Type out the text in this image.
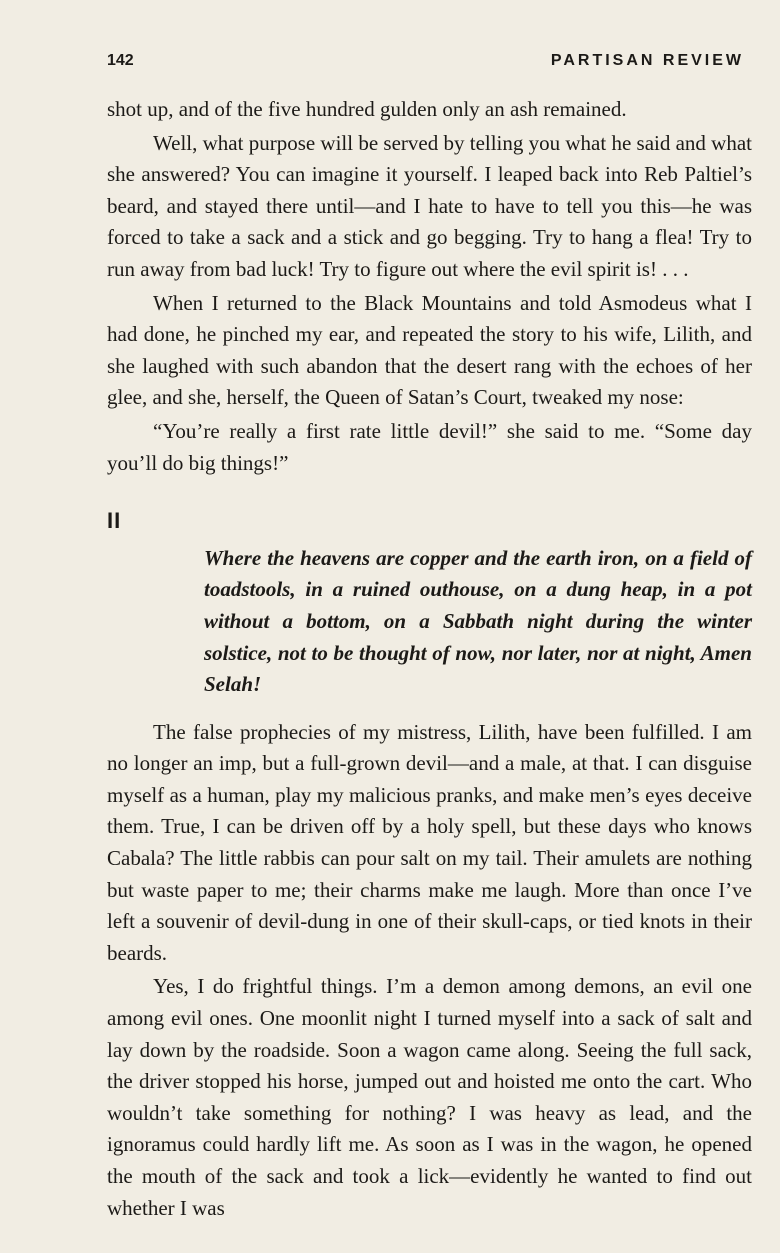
142	PARTISAN REVIEW

shot up, and of the five hundred gulden only an ash remained.

Well, what purpose will be served by telling you what he said and what she answered? You can imagine it yourself. I leaped back into Reb Paltiel’s beard, and stayed there until—and I hate to have to tell you this—he was forced to take a sack and a stick and go begging. Try to hang a flea! Try to run away from bad luck! Try to figure out where the evil spirit is! . . .

When I returned to the Black Mountains and told Asmodeus what I had done, he pinched my ear, and repeated the story to his wife, Lilith, and she laughed with such abandon that the desert rang with the echoes of her glee, and she, herself, the Queen of Satan’s Court, tweaked my nose:

“You’re really a first rate little devil!” she said to me. “Some day you’ll do big things!”

II
Where the heavens are copper and the earth iron, on a field of toadstools, in a ruined outhouse, on a dung heap, in a pot without a bottom, on a Sabbath night during the winter solstice, not to be thought of now, nor later, nor at night, Amen Selah!

The false prophecies of my mistress, Lilith, have been fulfilled. I am no longer an imp, but a full-grown devil—and a male, at that. I can disguise myself as a human, play my malicious pranks, and make men’s eyes deceive them. True, I can be driven off by a holy spell, but these days who knows Cabala? The little rabbis can pour salt on my tail. Their amulets are nothing but waste paper to me; their charms make me laugh. More than once I’ve left a souvenir of devil-dung in one of their skull-caps, or tied knots in their beards.

Yes, I do frightful things. I’m a demon among demons, an evil one among evil ones. One moonlit night I turned myself into a sack of salt and lay down by the roadside. Soon a wagon came along. Seeing the full sack, the driver stopped his horse, jumped out and hoisted me onto the cart. Who wouldn’t take something for nothing? I was heavy as lead, and the ignoramus could hardly lift me. As soon as I was in the wagon, he opened the mouth of the sack and took a lick—evidently he wanted to find out whether I was
